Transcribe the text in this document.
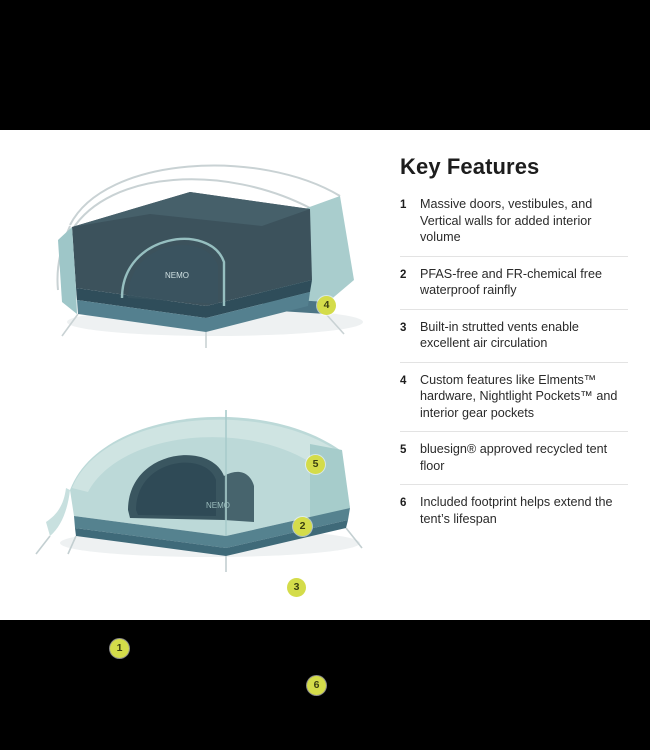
NEMO
NEMO
4
5
2
3
1
6
Key Features
1	Massive doors, vestibules, and Vertical walls for added interior volume
2	PFAS-free and FR-chemical free waterproof rainfly
3	Built-in strutted vents enable excellent air circulation
4	Custom features like Elments™ hardware, Nightlight Pockets™ and interior gear pockets
5	bluesign® approved recycled tent floor
6	Included footprint helps extend the tent’s lifespan
